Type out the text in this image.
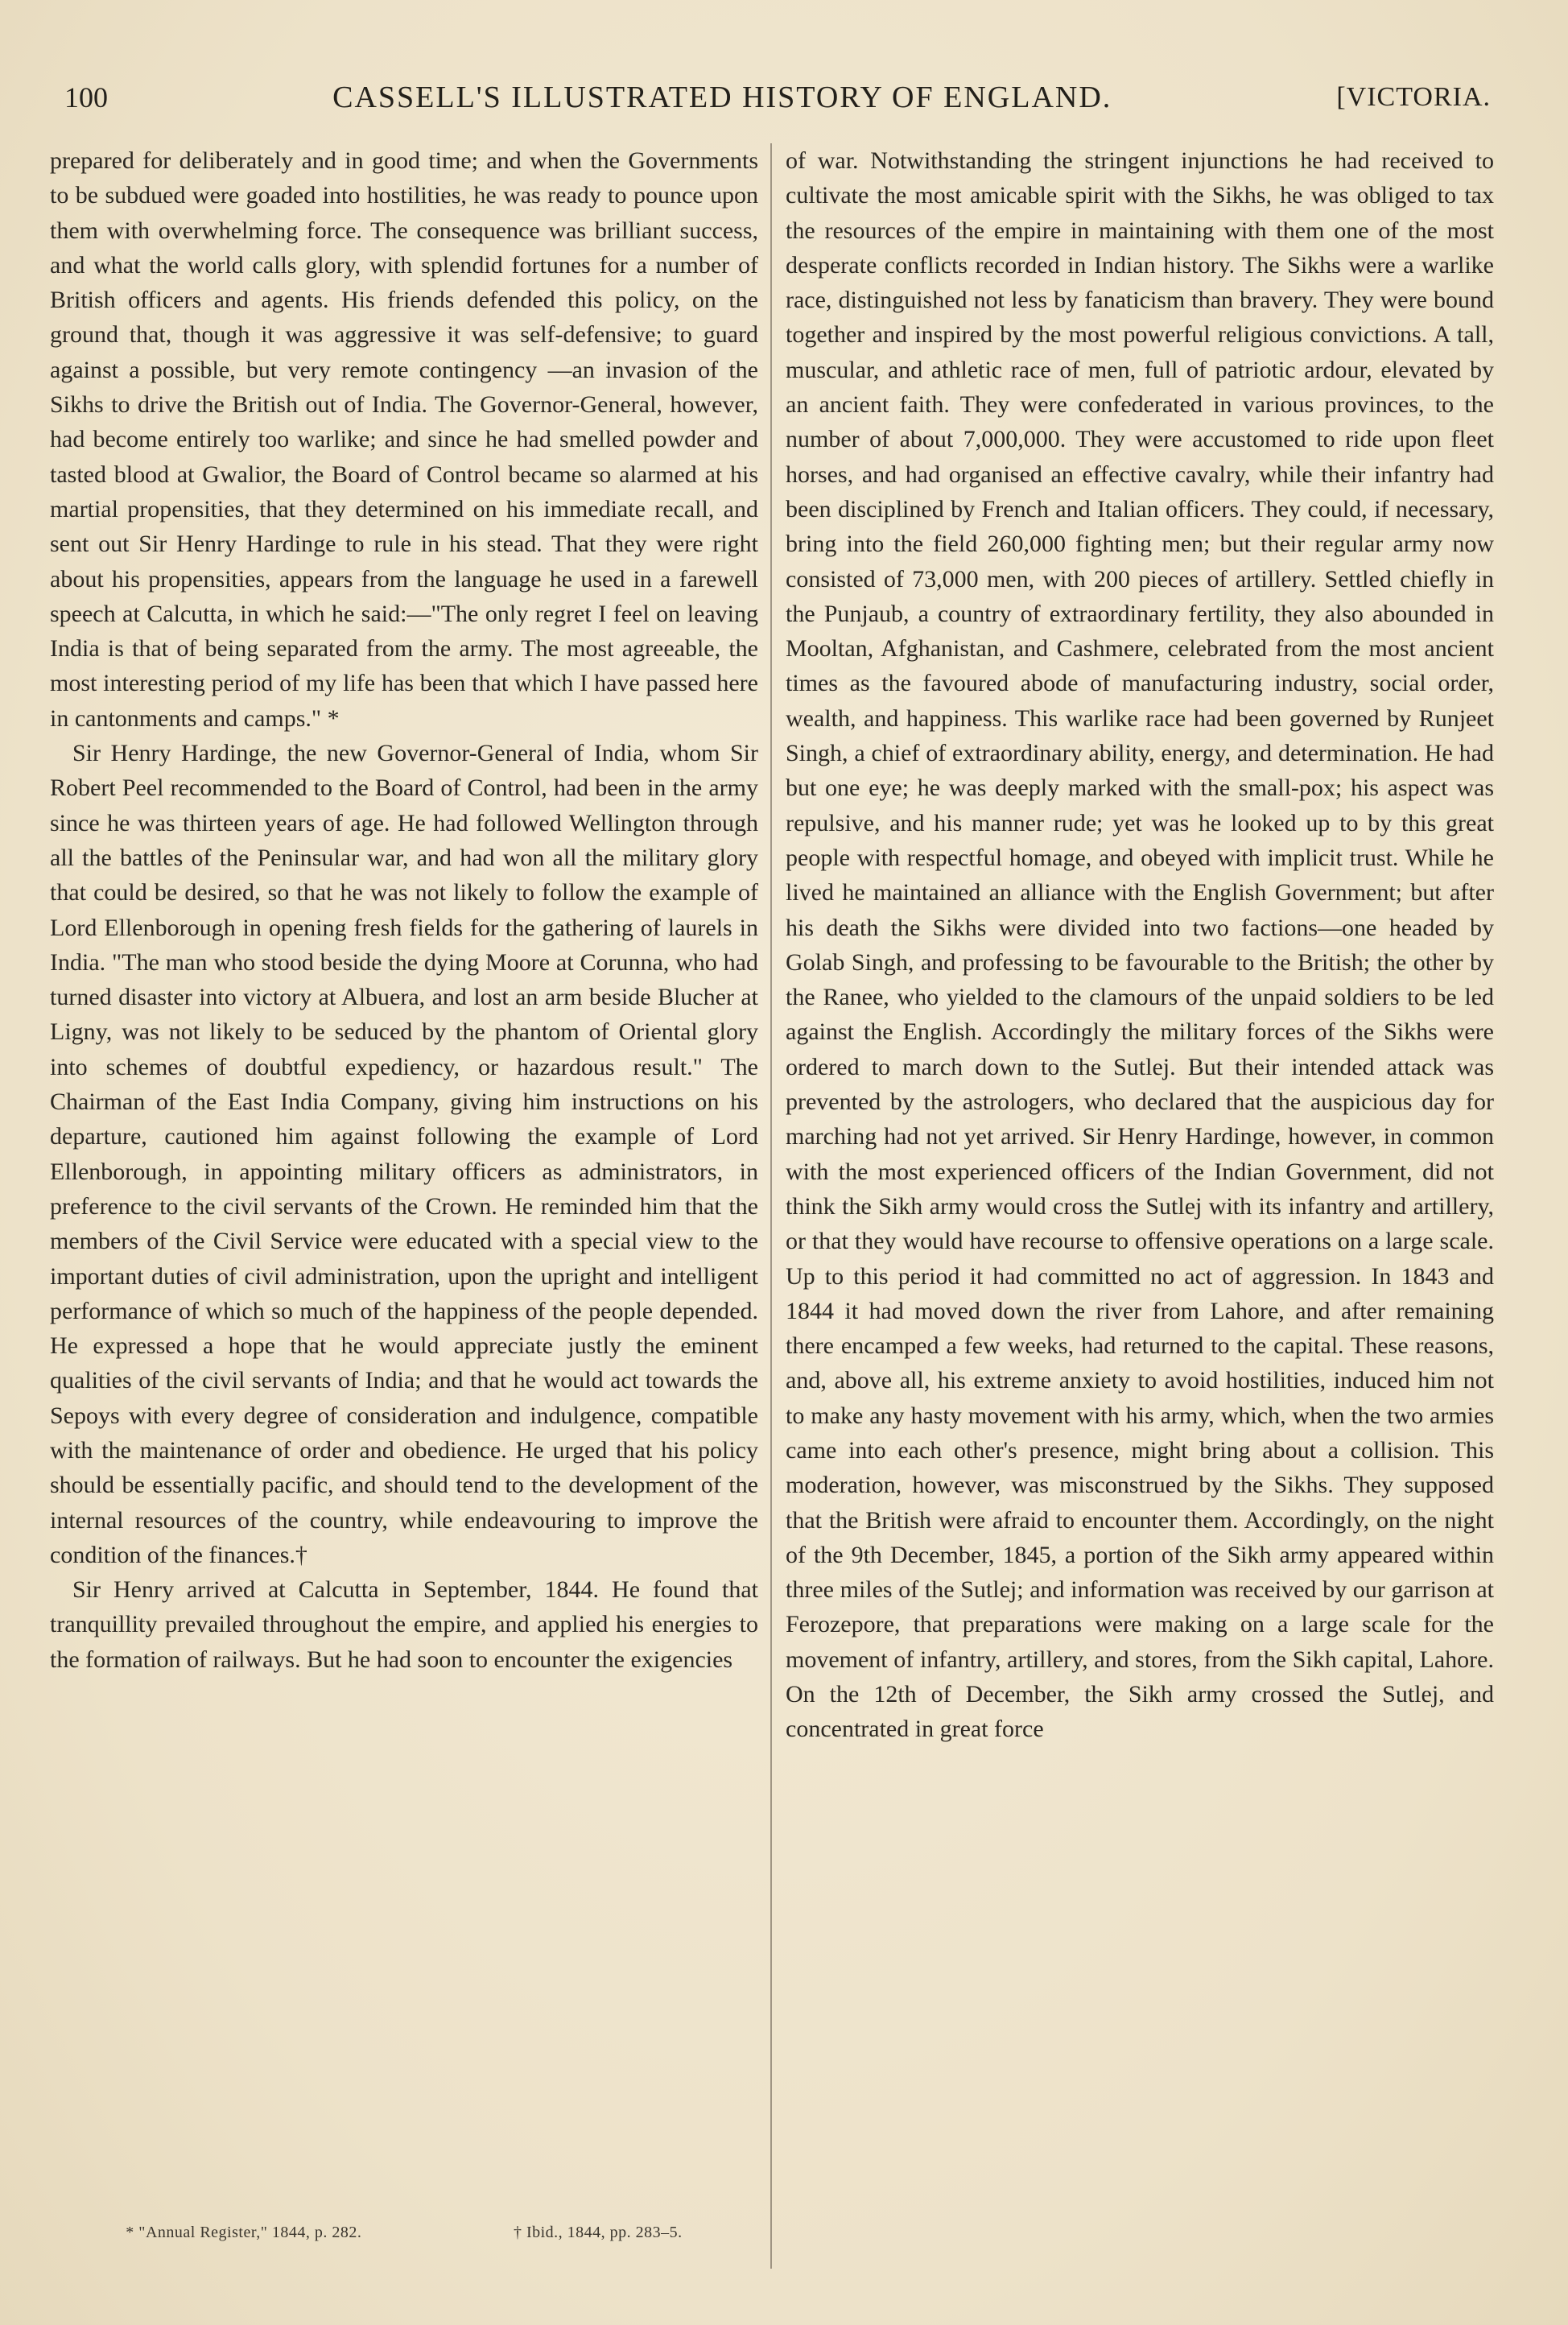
100	CASSELL'S ILLUSTRATED HISTORY OF ENGLAND.	[VICTORIA.

prepared for deliberately and in good time; and when the Governments to be subdued were goaded into hostilities, he was ready to pounce upon them with overwhelming force. The consequence was brilliant success, and what the world calls glory, with splendid fortunes for a number of British officers and agents. His friends defended this policy, on the ground that, though it was aggressive it was self-defensive; to guard against a possible, but very remote contingency —an invasion of the Sikhs to drive the British out of India. The Governor-General, however, had become entirely too warlike; and since he had smelled powder and tasted blood at Gwalior, the Board of Control became so alarmed at his martial propensities, that they determined on his immediate recall, and sent out Sir Henry Hardinge to rule in his stead. That they were right about his propensities, appears from the language he used in a farewell speech at Calcutta, in which he said:—"The only regret I feel on leaving India is that of being separated from the army. The most agreeable, the most interesting period of my life has been that which I have passed here in cantonments and camps." *

Sir Henry Hardinge, the new Governor-General of India, whom Sir Robert Peel recommended to the Board of Control, had been in the army since he was thirteen years of age. He had followed Wellington through all the battles of the Peninsular war, and had won all the military glory that could be desired, so that he was not likely to follow the example of Lord Ellenborough in opening fresh fields for the gathering of laurels in India. "The man who stood beside the dying Moore at Corunna, who had turned disaster into victory at Albuera, and lost an arm beside Blucher at Ligny, was not likely to be seduced by the phantom of Oriental glory into schemes of doubtful expediency, or hazardous result." The Chairman of the East India Company, giving him instructions on his departure, cautioned him against following the example of Lord Ellenborough, in appointing military officers as administrators, in preference to the civil servants of the Crown. He reminded him that the members of the Civil Service were educated with a special view to the important duties of civil administration, upon the upright and intelligent performance of which so much of the happiness of the people depended. He expressed a hope that he would appreciate justly the eminent qualities of the civil servants of India; and that he would act towards the Sepoys with every degree of consideration and indulgence, compatible with the maintenance of order and obedience. He urged that his policy should be essentially pacific, and should tend to the development of the internal resources of the country, while endeavouring to improve the condition of the finances.†

Sir Henry arrived at Calcutta in September, 1844. He found that tranquillity prevailed throughout the empire, and applied his energies to the formation of railways. But he had soon to encounter the exigencies

of war. Notwithstanding the stringent injunctions he had received to cultivate the most amicable spirit with the Sikhs, he was obliged to tax the resources of the empire in maintaining with them one of the most desperate conflicts recorded in Indian history. The Sikhs were a warlike race, distinguished not less by fanaticism than bravery. They were bound together and inspired by the most powerful religious convictions. A tall, muscular, and athletic race of men, full of patriotic ardour, elevated by an ancient faith. They were confederated in various provinces, to the number of about 7,000,000. They were accustomed to ride upon fleet horses, and had organised an effective cavalry, while their infantry had been disciplined by French and Italian officers. They could, if necessary, bring into the field 260,000 fighting men; but their regular army now consisted of 73,000 men, with 200 pieces of artillery. Settled chiefly in the Punjaub, a country of extraordinary fertility, they also abounded in Mooltan, Afghanistan, and Cashmere, celebrated from the most ancient times as the favoured abode of manufacturing industry, social order, wealth, and happiness. This warlike race had been governed by Runjeet Singh, a chief of extraordinary ability, energy, and determination. He had but one eye; he was deeply marked with the small-pox; his aspect was repulsive, and his manner rude; yet was he looked up to by this great people with respectful homage, and obeyed with implicit trust. While he lived he maintained an alliance with the English Government; but after his death the Sikhs were divided into two factions—one headed by Golab Singh, and professing to be favourable to the British; the other by the Ranee, who yielded to the clamours of the unpaid soldiers to be led against the English. Accordingly the military forces of the Sikhs were ordered to march down to the Sutlej. But their intended attack was prevented by the astrologers, who declared that the auspicious day for marching had not yet arrived. Sir Henry Hardinge, however, in common with the most experienced officers of the Indian Government, did not think the Sikh army would cross the Sutlej with its infantry and artillery, or that they would have recourse to offensive operations on a large scale. Up to this period it had committed no act of aggression. In 1843 and 1844 it had moved down the river from Lahore, and after remaining there encamped a few weeks, had returned to the capital. These reasons, and, above all, his extreme anxiety to avoid hostilities, induced him not to make any hasty movement with his army, which, when the two armies came into each other's presence, might bring about a collision. This moderation, however, was misconstrued by the Sikhs. They supposed that the British were afraid to encounter them. Accordingly, on the night of the 9th December, 1845, a portion of the Sikh army appeared within three miles of the Sutlej; and information was received by our garrison at Ferozepore, that preparations were making on a large scale for the movement of infantry, artillery, and stores, from the Sikh capital, Lahore. On the 12th of December, the Sikh army crossed the Sutlej, and concentrated in great force

* "Annual Register," 1844, p. 282.	† Ibid., 1844, pp. 283–5.
